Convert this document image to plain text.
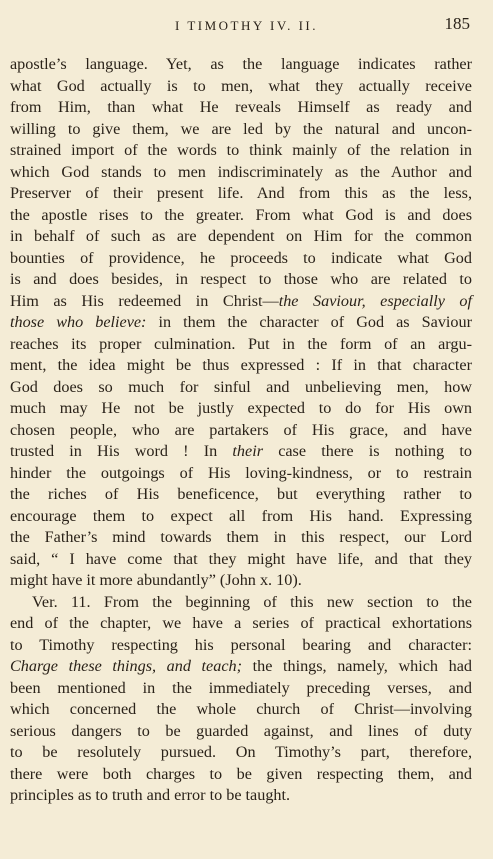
I TIMOTHY IV. II.	185
apostle’s language. Yet, as the language indicates rather
what God actually is to men, what they actually receive
from Him, than what He reveals Himself as ready and
willing to give them, we are led by the natural and uncon-
strained import of the words to think mainly of the relation in
which God stands to men indiscriminately as the Author and
Preserver of their present life. And from this as the less,
the apostle rises to the greater. From what God is and does
in behalf of such as are dependent on Him for the common
bounties of providence, he proceeds to indicate what God
is and does besides, in respect to those who are related to
Him as His redeemed in Christ—the Saviour, especially of
those who believe: in them the character of God as Saviour
reaches its proper culmination. Put in the form of an argu-
ment, the idea might be thus expressed : If in that character
God does so much for sinful and unbelieving men, how
much may He not be justly expected to do for His own
chosen people, who are partakers of His grace, and have
trusted in His word ! In their case there is nothing to
hinder the outgoings of His loving-kindness, or to restrain
the riches of His beneficence, but everything rather to
encourage them to expect all from His hand. Expressing
the Father’s mind towards them in this respect, our Lord
said, “ I have come that they might have life, and that they
might have it more abundantly” (John x. 10).
Ver. 11. From the beginning of this new section to the
end of the chapter, we have a series of practical exhortations
to Timothy respecting his personal bearing and character:
Charge these things, and teach; the things, namely, which had
been mentioned in the immediately preceding verses, and
which concerned the whole church of Christ—involving
serious dangers to be guarded against, and lines of duty
to be resolutely pursued. On Timothy’s part, therefore,
there were both charges to be given respecting them, and
principles as to truth and error to be taught.
